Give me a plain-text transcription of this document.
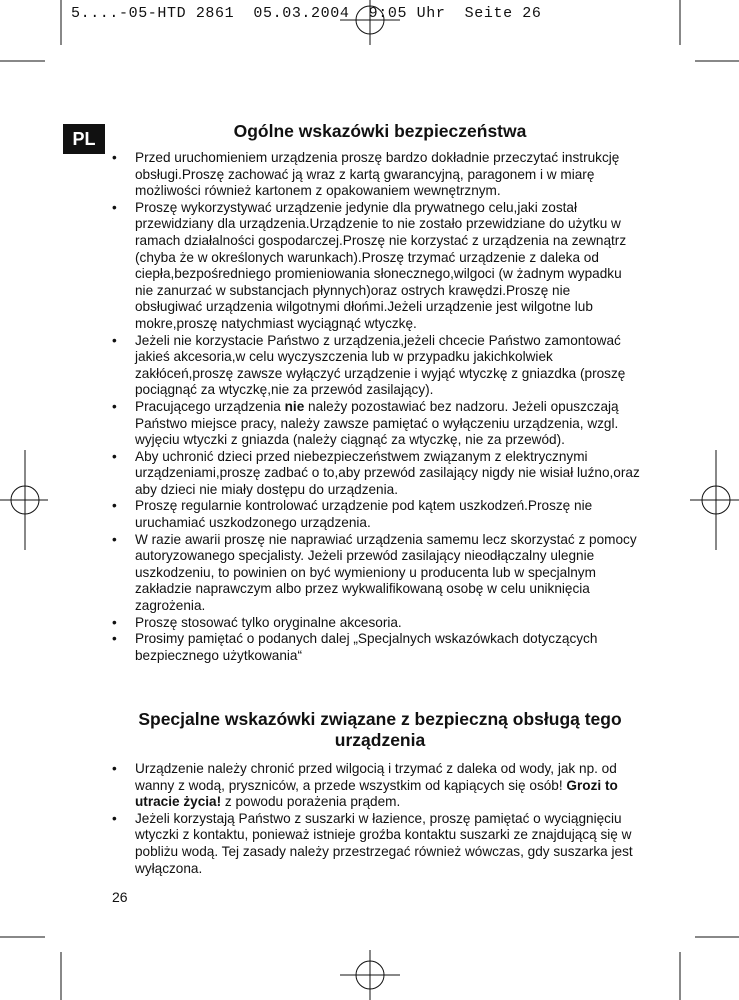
5....-05-HTD 2861  05.03.2004  9:05 Uhr  Seite 26
PL	Ogólne wskazówki bezpieczeństwa
• Przed uruchomieniem urządzenia proszę bardzo dokładnie przeczytać instrukcję obsługi.Proszę zachować ją wraz z kartą gwarancyjną, paragonem i w miarę możliwości również kartonem z opakowaniem wewnętrznym.
• Proszę wykorzystywać urządzenie jedynie dla prywatnego celu,jaki został przewidziany dla urządzenia.Urządzenie to nie zostało przewidziane do użytku w ramach działalności gospodarczej.Proszę nie korzystać z urządzenia na zewnątrz (chyba że w określonych warunkach).Proszę trzymać urządzenie z daleka od ciepła,bezpośredniego promieniowania słonecznego,wilgoci (w żadnym wypadku nie zanurzać w substancjach płynnych)oraz ostrych krawędzi.Proszę nie obsługiwać urządzenia wilgotnymi dłońmi.Jeżeli urządzenie jest wilgotne lub mokre,proszę natychmiast wyciągnąć wtyczkę.
• Jeżeli nie korzystacie Państwo z urządzenia,jeżeli chcecie Państwo zamontować jakieś akcesoria,w celu wyczyszczenia lub w przypadku jakichkolwiek zakłóceń,proszę zawsze wyłączyć urządzenie i wyjąć wtyczkę z gniazdka (proszę pociągnąć za wtyczkę,nie za przewód zasilający).
• Pracującego urządzenia nie należy pozostawiać bez nadzoru. Jeżeli opuszczają Państwo miejsce pracy, należy zawsze pamiętać o wyłączeniu urządzenia, wzgl. wyjęciu wtyczki z gniazda (należy ciągnąć za wtyczkę, nie za przewód).
• Aby uchronić dzieci przed niebezpieczeństwem związanym z elektrycznymi urządzeniami,proszę zadbać o to,aby przewód zasilający nigdy nie wisiał luźno,oraz aby dzieci nie miały dostępu do urządzenia.
• Proszę regularnie kontrolować urządzenie pod kątem uszkodzeń.Proszę nie uruchamiać uszkodzonego urządzenia.
• W razie awarii proszę nie naprawiać urządzenia samemu lecz skorzystać z pomocy autoryzowanego specjalisty. Jeżeli przewód zasilający nieodłączalny ulegnie uszkodzeniu, to powinien on być wymieniony u producenta lub w specjalnym zakładzie naprawczym albo przez wykwalifikowaną osobę w celu uniknięcia zagrożenia.
• Proszę stosować tylko oryginalne akcesoria.
• Prosimy pamiętać o podanych dalej „Specjalnych wskazówkach dotyczących bezpiecznego użytkowania“
Specjalne wskazówki związane z bezpieczną obsługą tego urządzenia
• Urządzenie należy chronić przed wilgocią i trzymać z daleka od wody, jak np. od wanny z wodą, pryszniców, a przede wszystkim od kąpiących się osób! Grozi to utracie życia! z powodu porażenia prądem.
• Jeżeli korzystają Państwo z suszarki w łazience, proszę pamiętać o wyciągnięciu wtyczki z kontaktu, ponieważ istnieje groźba kontaktu suszarki ze znajdującą się w pobliżu wodą. Tej zasady należy przestrzegać również wówczas, gdy suszarka jest wyłączona.
26
